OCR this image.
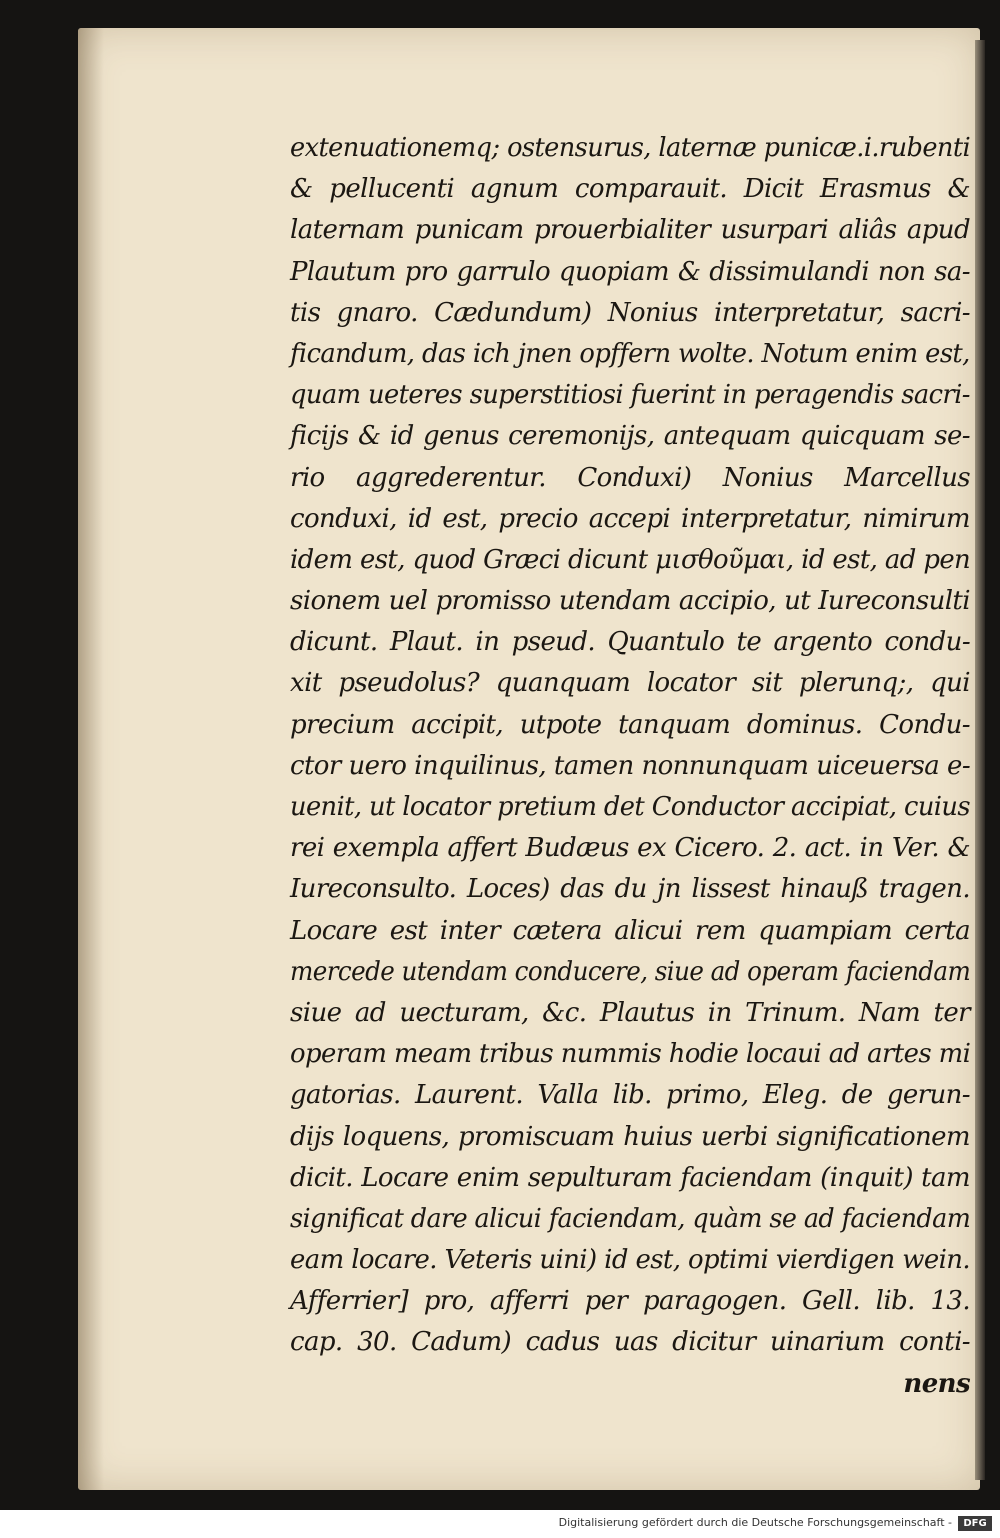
extenuationemq; ostensurus, laternæ punicæ.i.rubenti
& pellucenti agnum comparauit. Dicit Erasmus &
laternam punicam prouerbialiter usurpari aliâs apud
Plautum pro garrulo quopiam & dissimulandi non sa-
tis gnaro. Cædundum) Nonius interpretatur, sacri-
ficandum, das ich jnen opffern wolte. Notum enim est,
quam ueteres superstitiosi fuerint in peragendis sacri-
ficijs & id genus ceremonijs, antequam quicquam se-
rio aggrederentur. Conduxi) Nonius Marcellus
conduxi, id est, precio accepi interpretatur, nimirum
idem est, quod Græci dicunt μισθοῦμαι, id est, ad pen
sionem uel promisso utendam accipio, ut Iureconsulti
dicunt. Plaut. in pseud. Quantulo te argento condu-
xit pseudolus? quanquam locator sit plerunq;, qui
precium accipit, utpote tanquam dominus. Condu-
ctor uero inquilinus, tamen nonnunquam uiceuersa e-
uenit, ut locator pretium det Conductor accipiat, cuius
rei exempla affert Budæus ex Cicero. 2. act. in Ver. &
Iureconsulto. Loces) das du jn lissest hinauß tragen.
Locare est inter cætera alicui rem quampiam certa
mercede utendam conducere, siue ad operam faciendam
siue ad uecturam, &c. Plautus in Trinum. Nam ter
operam meam tribus nummis hodie locaui ad artes mi
gatorias. Laurent. Valla lib. primo, Eleg. de gerun-
dijs loquens, promiscuam huius uerbi significationem
dicit. Locare enim sepulturam faciendam (inquit) tam
significat dare alicui faciendam, quàm se ad faciendam
eam locare. Veteris uini) id est, optimi vierdigen wein.
Afferrier] pro, afferri per paragogen. Gell. lib. 13.
cap. 30. Cadum) cadus uas dicitur uinarium conti-
nens
Digitalisierung gefördert durch die Deutsche Forschungsgemeinschaft -	DFG
